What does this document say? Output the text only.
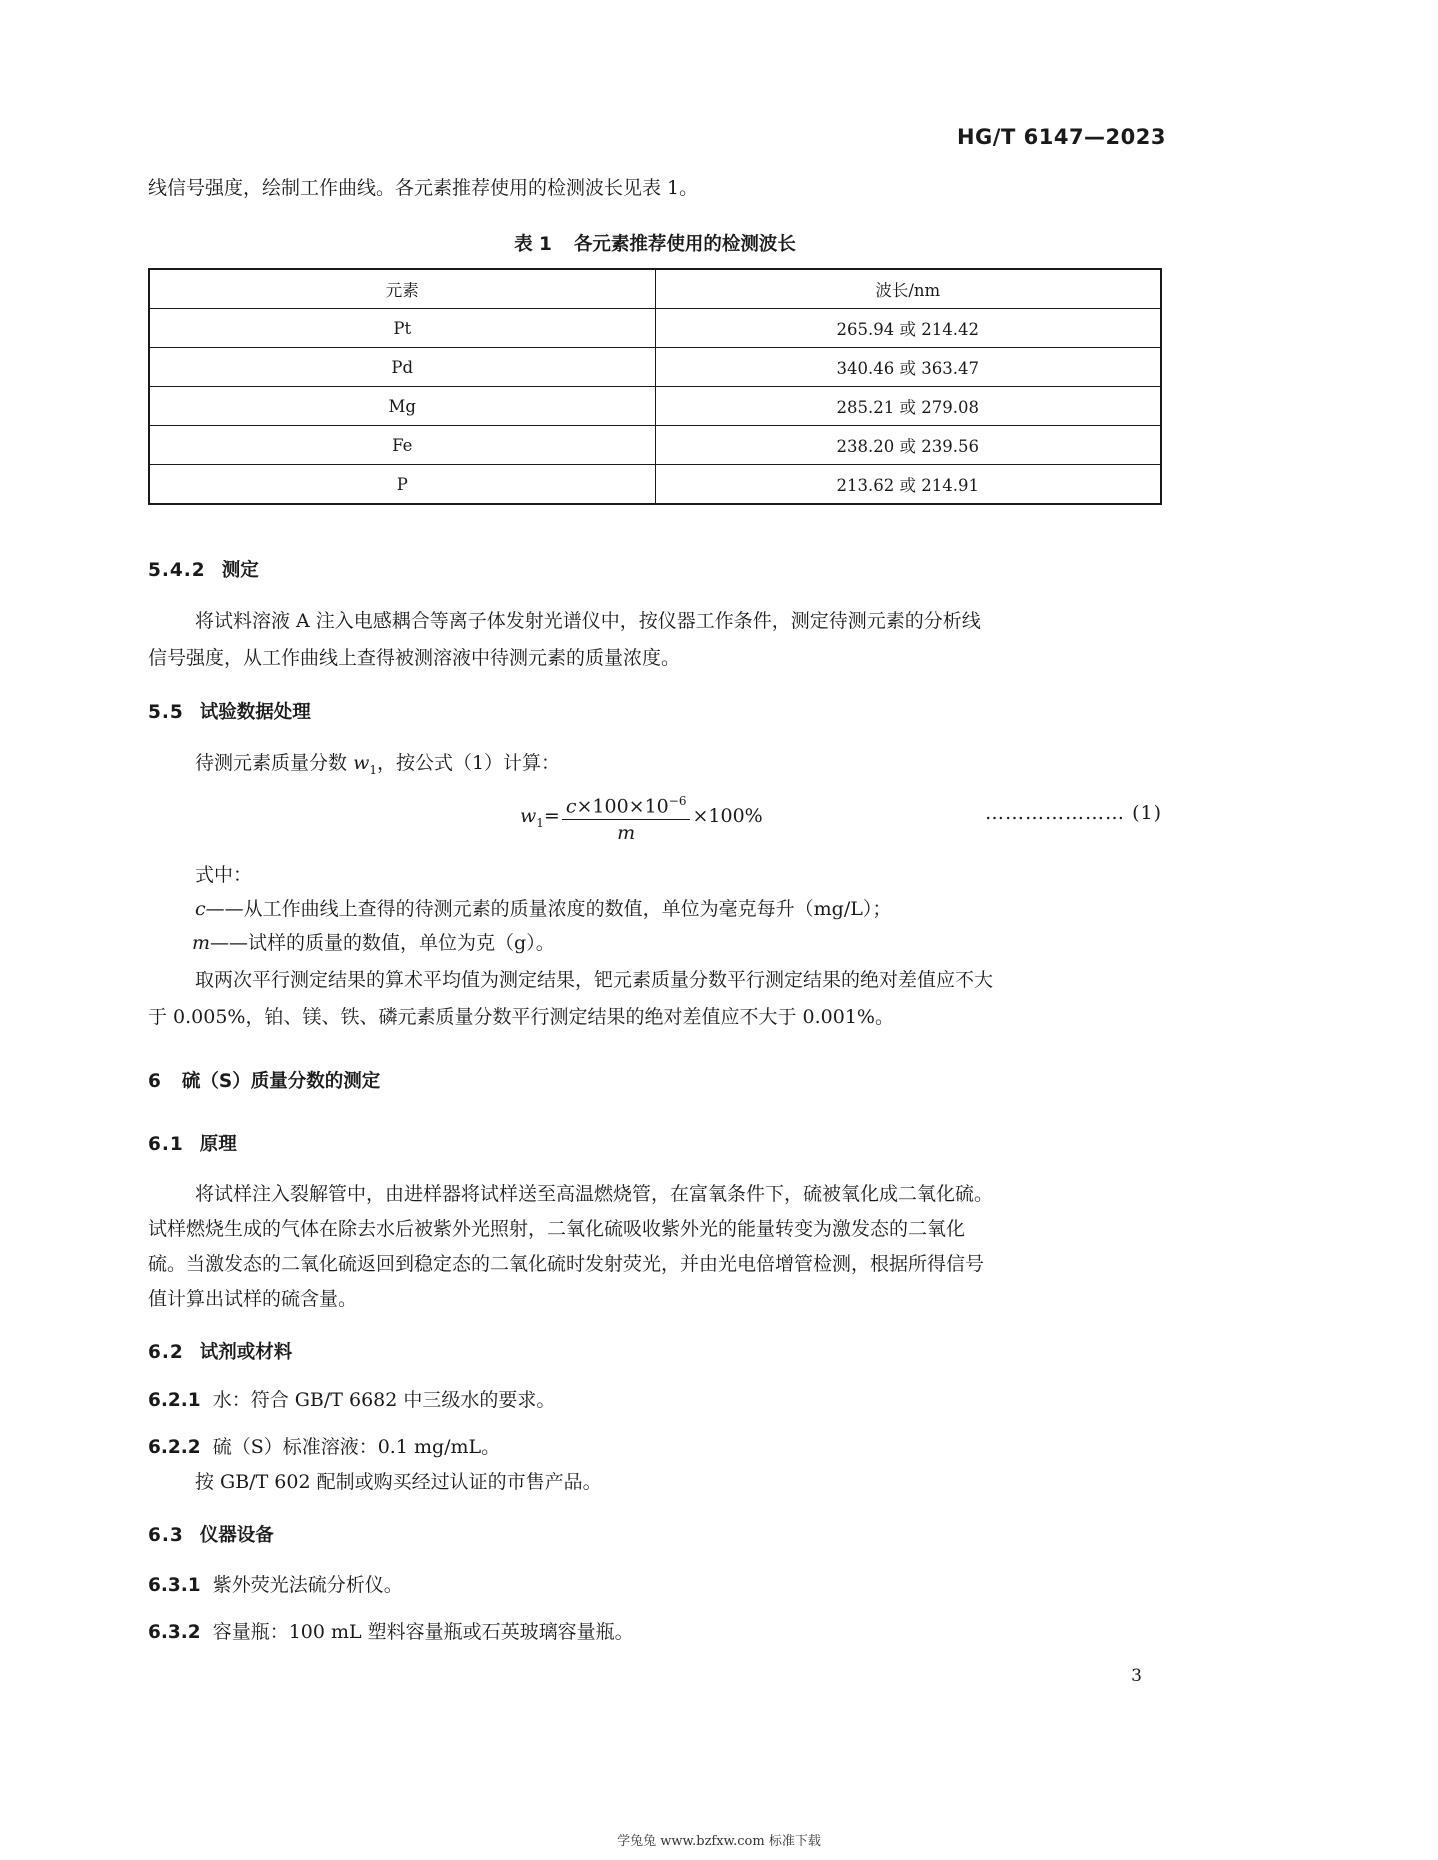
HG/T 6147—2023
线信号强度，绘制工作曲线。各元素推荐使用的检测波长见表 1。
表 1 各元素推荐使用的检测波长
元素	波长/nm
Pt	265.94 或 214.42
Pd	340.46 或 363.47
Mg	285.21 或 279.08
Fe	238.20 或 239.56
P	213.62 或 214.91
5.4.2 测定
将试料溶液 A 注入电感耦合等离子体发射光谱仪中，按仪器工作条件，测定待测元素的分析线
信号强度，从工作曲线上查得被测溶液中待测元素的质量浓度。
5.5 试验数据处理
待测元素质量分数 $w_1$，按公式（1）计算：
$w_1= \frac{c\times 100\times 10^{-6}}{m} \times 100\%$	………………… (1)
式中：
c——从工作曲线上查得的待测元素的质量浓度的数值，单位为毫克每升（mg/L）；
m——试样的质量的数值，单位为克（g）。
取两次平行测定结果的算术平均值为测定结果，钯元素质量分数平行测定结果的绝对差值应不大
于 0.005%，铂、镁、铁、磷元素质量分数平行测定结果的绝对差值应不大于 0.001%。
6 硫（S）质量分数的测定
6.1 原理
将试样注入裂解管中，由进样器将试样送至高温燃烧管，在富氧条件下，硫被氧化成二氧化硫。
试样燃烧生成的气体在除去水后被紫外光照射，二氧化硫吸收紫外光的能量转变为激发态的二氧化
硫。当激发态的二氧化硫返回到稳定态的二氧化硫时发射荧光，并由光电倍增管检测，根据所得信号
值计算出试样的硫含量。
6.2 试剂或材料
6.2.1 水：符合 GB/T 6682 中三级水的要求。
6.2.2 硫（S）标准溶液：0.1 mg/mL。
按 GB/T 602 配制或购买经过认证的市售产品。
6.3 仪器设备
6.3.1 紫外荧光法硫分析仪。
6.3.2 容量瓶：100 mL 塑料容量瓶或石英玻璃容量瓶。
3
学兔兔 www.bzfxw.com 标准下载
